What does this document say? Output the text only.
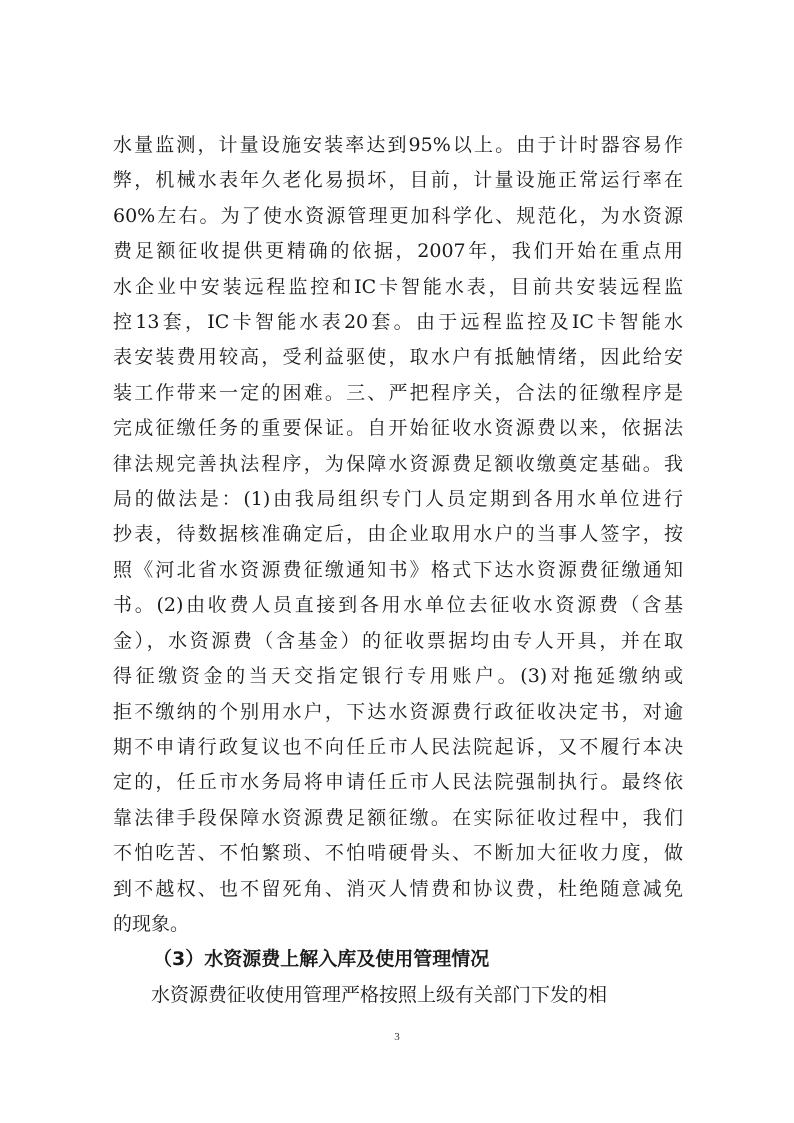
水量监测，计量设施安装率达到95%以上。由于计时器容易作
弊，机械水表年久老化易损坏，目前，计量设施正常运行率在
60%左右。为了使水资源管理更加科学化、规范化，为水资源
费足额征收提供更精确的依据，2007年，我们开始在重点用
水企业中安装远程监控和IC卡智能水表，目前共安装远程监
控13套，IC卡智能水表20套。由于远程监控及IC卡智能水
表安装费用较高，受利益驱使，取水户有抵触情绪，因此给安
装工作带来一定的困难。三、严把程序关，合法的征缴程序是
完成征缴任务的重要保证。自开始征收水资源费以来，依据法
律法规完善执法程序，为保障水资源费足额收缴奠定基础。我
局的做法是：(1)由我局组织专门人员定期到各用水单位进行
抄表，待数据核准确定后，由企业取用水户的当事人签字，按
照《河北省水资源费征缴通知书》格式下达水资源费征缴通知
书。(2)由收费人员直接到各用水单位去征收水资源费（含基
金），水资源费（含基金）的征收票据均由专人开具，并在取
得征缴资金的当天交指定银行专用账户。(3)对拖延缴纳或
拒不缴纳的个别用水户，下达水资源费行政征收决定书，对逾
期不申请行政复议也不向任丘市人民法院起诉，又不履行本决
定的，任丘市水务局将申请任丘市人民法院强制执行。最终依
靠法律手段保障水资源费足额征缴。在实际征收过程中，我们
不怕吃苦、不怕繁琐、不怕啃硬骨头、不断加大征收力度，做
到不越权、也不留死角、消灭人情费和协议费，杜绝随意减免
的现象。

（3）水资源费上解入库及使用管理情况

水资源费征收使用管理严格按照上级有关部门下发的相

3
